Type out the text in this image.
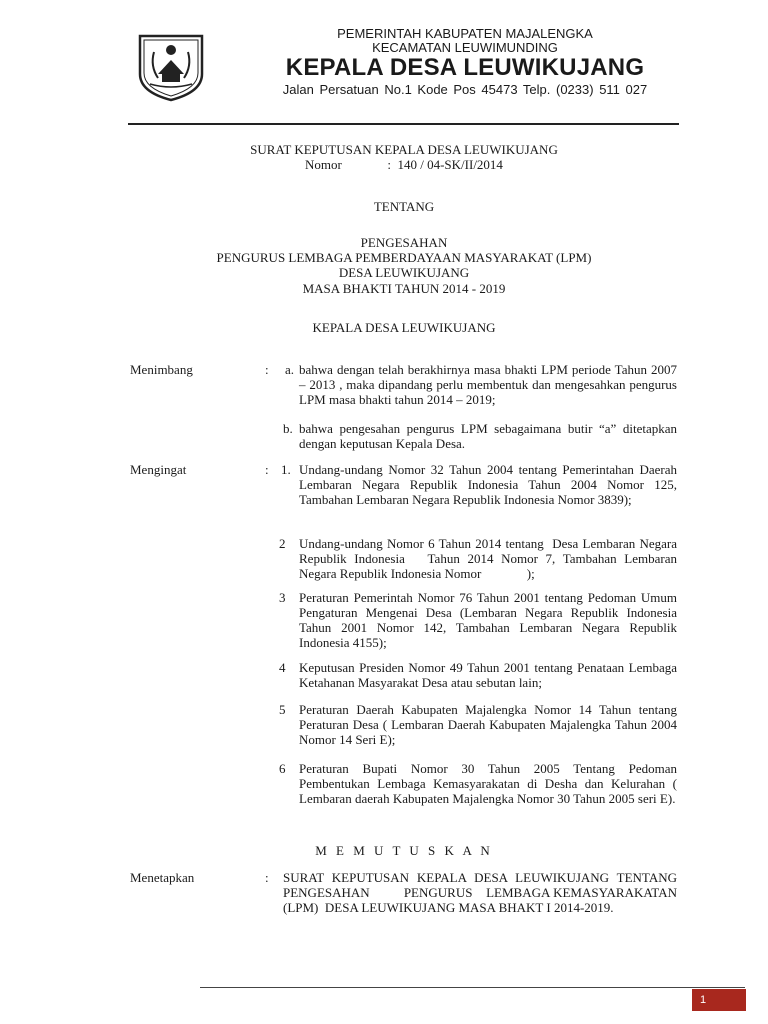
PEMERINTAH KABUPATEN MAJALENGKA
KECAMATAN LEUWIMUNDING
KEPALA DESA LEUWIKUJANG
Jalan Persatuan No.1 Kode Pos 45473 Telp. (0233) 511 027
SURAT KEPUTUSAN KEPALA DESA LEUWIKUJANG
Nomor              :  140 / 04-SK/II/2014
TENTANG
PENGESAHAN
PENGURUS LEMBAGA PEMBERDAYAAN MASYARAKAT (LPM)
DESA LEUWIKUJANG
MASA BHAKTI TAHUN 2014 - 2019
KEPALA DESA LEUWIKUJANG
Menimbang	: a. bahwa dengan telah berakhirnya masa bhakti LPM periode Tahun 2007 – 2013 , maka dipandang perlu membentuk dan mengesahkan pengurus LPM masa bhakti tahun 2014 – 2019;
b. bahwa pengesahan pengurus LPM sebagaimana butir “a” ditetapkan dengan keputusan Kepala Desa.
Mengingat	: 1. Undang-undang Nomor 32 Tahun 2004 tentang Pemerintahan Daerah Lembaran Negara Republik Indonesia Tahun 2004 Nomor 125, Tambahan Lembaran Negara Republik Indonesia Nomor 3839);
2 Undang-undang Nomor 6 Tahun 2014 tentang  Desa Lembaran Negara Republik Indonesia   Tahun 2014 Nomor 7, Tambahan Lembaran Negara Republik Indonesia Nomor              );
3 Peraturan Pemerintah Nomor 76 Tahun 2001 tentang Pedoman Umum Pengaturan Mengenai Desa (Lembaran Negara Republik Indonesia Tahun 2001 Nomor 142, Tambahan Lembaran Negara Republik Indonesia 4155);
4 Keputusan Presiden Nomor 49 Tahun 2001 tentang Penataan Lembaga Ketahanan Masyarakat Desa atau sebutan lain;
5 Peraturan Daerah Kabupaten Majalengka Nomor 14 Tahun tentang Peraturan Desa ( Lembaran Daerah Kabupaten Majalengka Tahun 2004 Nomor 14 Seri E);
6 Peraturan Bupati Nomor 30 Tahun 2005 Tentang Pedoman Pembentukan Lembaga Kemasyarakatan di Desha dan Kelurahan ( Lembaran daerah Kabupaten Majalengka Nomor 30 Tahun 2005 seri E).
M E M U T U S K A N
Menetapkan	: SURAT  KEPUTUSAN  KEPALA  DESA  LEUWIKUJANG  TENTANG    PENGESAHAN          PENGURUS    LEMBAGA KEMASYARAKATAN  (LPM)  DESA LEUWIKUJANG MASA BHAKT I 2014-2019.
1
